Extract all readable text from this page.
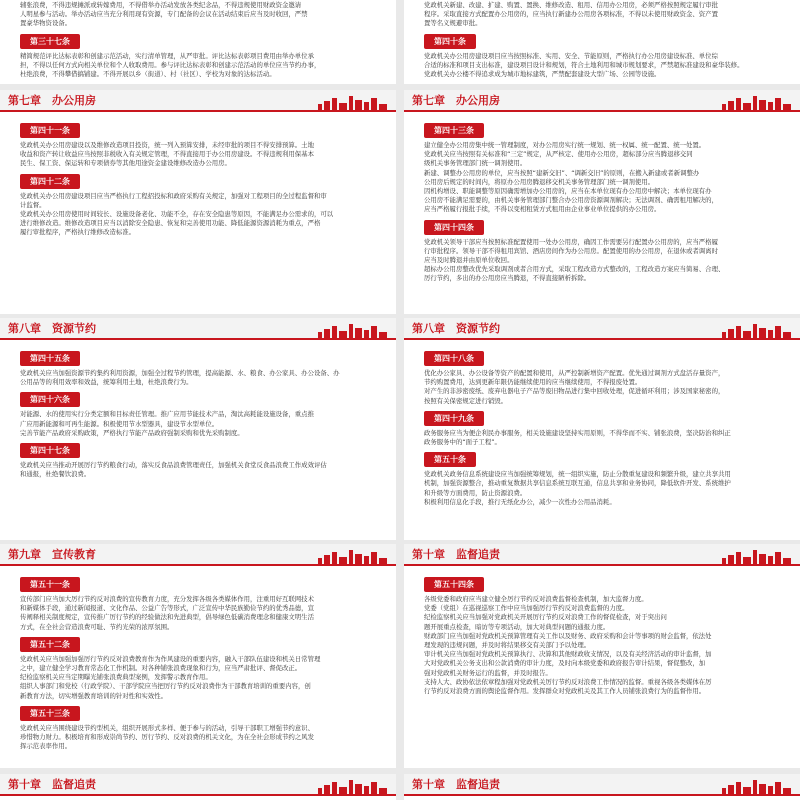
辅张浪费，不得违规摊派或转嫁费用，不得借举办活动发放各类纪念品，不得违规使用财政资金邀请
人明星参与活动。举办活动应当充分利用现有资源，专门配备的会议在活动结束后应当及时收回，严禁
置豪华物资设备。
第三十七条
精简规范评比达标表彰和创建示范活动，实行清单管理，从严审批。评比达标表彰项目费用由举办单位承
担，不得以任何方式向相关单位和个人收取费用。参与评比达标表彰和创建示范活动的单位应当节约办事，
杜绝浪费，不得攀借搞铺建。不得开展以乡（街道）、村（社区）、学校为对象的达标活动。
党政机关新建、改建、扩建、购置、置换、维修改造、租用、信用办公用房，必须严格按照规定履行审批
程序。采取直接方式配置办公用房的，应当执行新建办公用房各项标准，不得以未使用财政资金、资产置
置等名义规避审批。
第四十条
党政机关办公用房建设项目应当按照标准、实用、安全、节能原则，严格执行办公用房建设标准、单位综
合适的标准和项目支出标准，建设项目设计和规划，符合土地利用和城市规划要求，严禁超标准建设和豪华装修。
党政机关办公楼不得追求成为城市地标建筑，严禁配套建设大型广场、公园等设施。
第七章　办公用房
第四十一条
党政机关办公用房建设以及维修改造项目投资，统一列入预算安排，未经审批的项目不得安排预算。土地
收益和资产转让收益应当按照非税收入有关规定管理，不得直接用于办公用房建设。不得违规利用保基本
民生、保工资、保运转和专项债券等其他用途资金建设维修改造办公用房。
第四十二条
党政机关办公用房建设项目应当严格执行工程招投标和政府采购有关规定，加强对工程项目的全过程监督和审
计监督。
党政机关办公用房使用时间较长、设施设备老化、功能不全，存在安全隐患等原因，不能满足办公需求的，可以
进行维修改造。维修改造项目应当以消除安全隐患、恢复和完善使用功能、降低能源资源消耗为重点，严格
履行审批程序，严格执行维修改造标准。
第七章　办公用房
第四十三条
建立健全办公用房集中统一管理制度，对办公用房实行统一规划、统一权属、统一配置、统一处置。
党政机关应当按照有关标准和“三定”规定，从严核定、使用办公用房，超标部分应当腾退移交同
级机关事务管理部门统一调剂使用。
新建、调整办公用房的单位，应当按照“建新交旧”、“调新交旧”的原则，在搬入新建或者新调整办
公用房后规定的时间内，将原办公用房腾退移交机关事务管理部门统一调剂使用。
因机构增设、职能调整等原因确需增加办公用房的，应当在本单位现有办公用房中解决；本单位现有办
公用房不能满足需要的，由机关事务管理部门整合办公用房资源调剂解决；无法调剂、确需租用解决的，
应当严格履行报批手续，不得以变相租赁方式租用由企业事业单位提供的办公用房。
第四十四条
党政机关领导干部应当按照标准配置使用一处办公用房，确因工作需要另行配置办公用房的，应当严格履
行审批程序。领导干部不得租用宾馆、酒店房间作为办公用房。配置使用的办公用房，在退休或者调离时
应当及时腾退并由原单位收回。
超标办公用房整改优先采取调剂或者合用方式，采取工程改造方式整改的，工程改造方案应当简易、合理、
厉行节约，多出的办公用房应当腾退，不得直接陋析拆除。
第八章　资源节约
第四十五条
党政机关应当加强资源节约集约利用资源，加强全过程节约管理，提高能源、水、粮食、办公家具、办公设备、办
公用品等的利用效率和效益，统筹利用土地，杜绝浪费行为。
第四十六条
对能源、水的使用实行分类定额和目标责任管理。推广应用节能技术产品，淘汰高耗能设施设备，重点推
广应用新能源和可再生能源。积极使用节水型器具，建设节水型单位。
完善节能产品政府采购政策，严格执行节能产品政府强制采购和优先采购制度。
第四十七条
党政机关应当推动开展厉行节约粮食行动，落实反食品浪费管理责任，加强机关食堂反食品浪费工作成效评估
和通报，杜绝餐饮浪费。
第八章　资源节约
第四十八条
优化办公家具、办公设备等资产的配置和使用，从严控制新增资产配置。优先通过调剂方式盘活存量资产，
节约购置费用，达到更新年限仍能继续使用的应当继续使用，不得报废处置。
对产生的非涉密废纸、废弃电器电子产品等废旧物品进行集中回收处理，促进循环利用；涉及国家秘密的，
按照有关保密规定进行销毁。
第四十九条
政务服务应当为便企利民办事服务，相关设施建设坚持实用原则，不得华而不实、铺张浪费，坚决防治和纠正
政务服务中的“面子工程”。
第五十条
党政机关政务信息系统建设应当加强统筹规划，统一组织实施，防止分散重复建设和频繁升级，建立共享共用
机制，加强资源整合，推动重复数据共享信息系统互联互通，信息共享和业务协同，降低软件开发、系统维护
和升级等方面费用，防止资源浪费。
积极利用信息化手段，推行无纸化办公，减少一次性办公用品消耗。
第九章　宣传教育
第五十一条
宣传部门应当加大厉行节约反对浪费的宣传教育力度，充分发挥各级各类媒体作用，注重用好互联网技术
和新媒体手段，通过新闻报道、文化作品、公益广告等形式，广泛宣传中华民族勤俭节约的优秀品德，宣
传阐释相关制度规定，宣传推广厉行节约的经验做法和先进典型，倡导绿色低碳消费理念和健康文明生活
方式，在全社会营造浪费可耻、节约光荣的浓厚氛围。
第五十二条
党政机关应当加强加强厉行节约反对浪费教育作为作风建设的重要内容，融入干部队伍建设和机关日常管理
之中，建立健全学习教育常态化工作机制。对各种铺张浪费现象和行为，应当严肃批评、督促改正。
纪检监察机关应当定期曝光铺张浪费典型案例，发挥警示教育作用。
组织人事部门和党校（行政学院）、干部学院应当把厉行节约反对浪费作为干部教育培训的重要内容，创
新教育方法，切实增强教育培训的针对性和实效性。
第五十三条
党政机关应当围绕建设节约型机关，组织开展形式多样、便于参与的活动，引导干部职工增强节约意识、
珍惜物力财力。积极培育和形成崇尚节约、厉行节约、反对浪费的机关文化，为在全社会形成节约之风发
挥示范表率作用。
第十章　监督追责
第五十四条
各级党委和政府应当建立健全厉行节约反对浪费监督检查机制，加大监督力度。
党委（党组）在巡视巡察工作中应当加强厉行节约反对浪费监督的力度。
纪检监察机关应当加强对党政机关开展厉行节约反对浪费工作的督促检查，对于突出问
题开展重点检查，暗访等专项活动，加大对典型问题的通报力度。
财政部门应当加强对党政机关预算管理有关工作以及财务、政府采购和会计等事项的财会监督，依法处
理发现的违规问题，并及时将结果移交有关部门予以处理。
审计机关应当加强对党政机关预算执行、决算和其他财政收支情况，以及有关经济活动的审计监督，加
大对党政机关公务支出和公款消费的审计力度，及时向本级党委和政府报告审计结果，督促整改，加
强对党政机关财务运行的监督，并及时报告。
支持人大、政协依法依章程加强对党政机关厉行节约反对浪费工作情况的监督。重视各级各类媒体在厉
行节约反对浪费方面的舆论监督作用。发挥群众对党政机关及其工作人员铺张浪费行为的监督作用。
第十章　监督追责	第十章　监督追责
